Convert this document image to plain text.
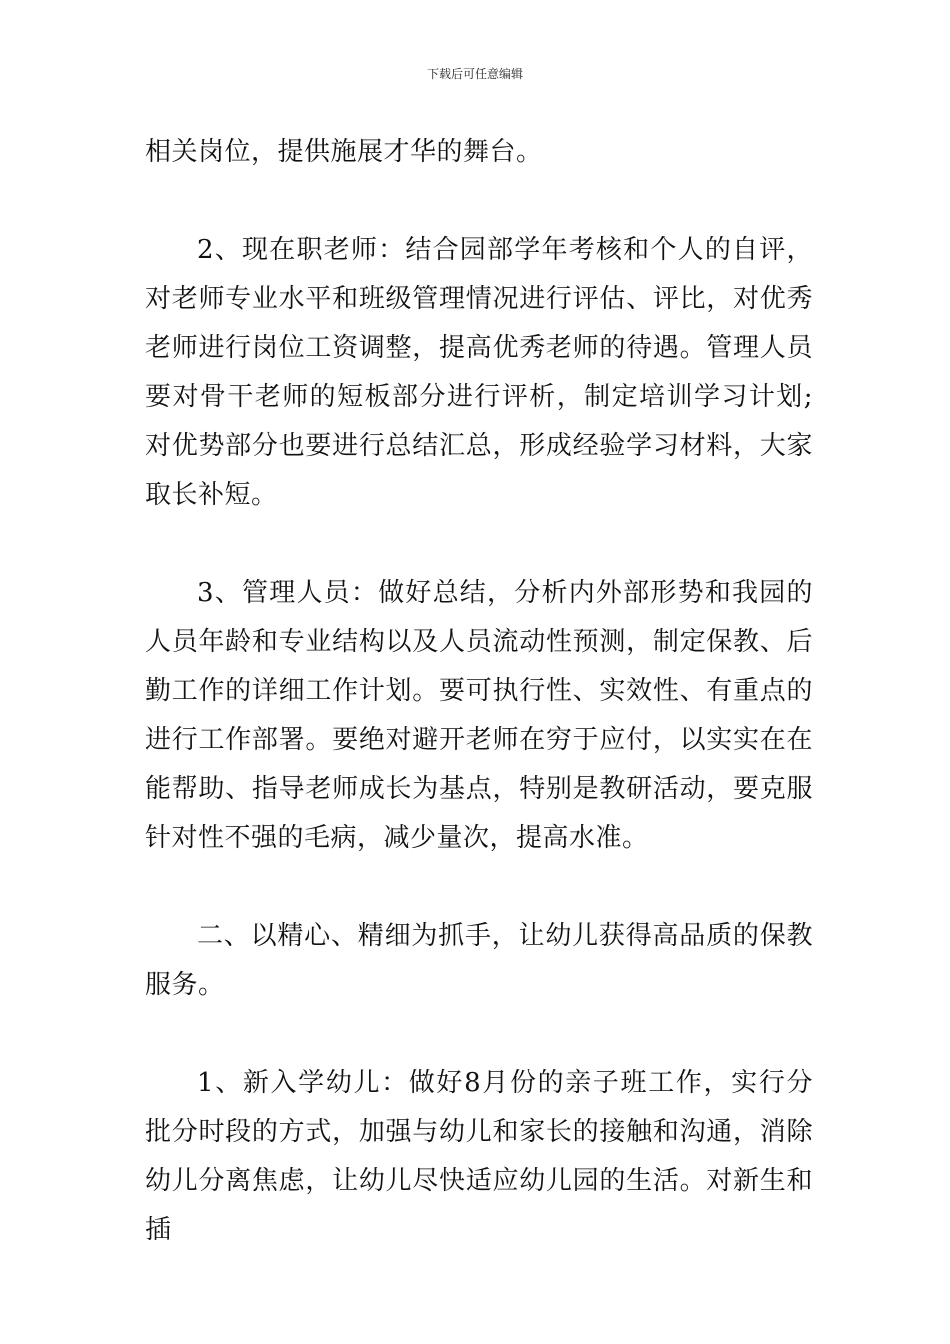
下载后可任意编辑

相关岗位，提供施展才华的舞台。

2、现在职老师：结合园部学年考核和个人的自评，对老师专业水平和班级管理情况进行评估、评比，对优秀老师进行岗位工资调整，提高优秀老师的待遇。管理人员要对骨干老师的短板部分进行评析，制定培训学习计划;对优势部分也要进行总结汇总，形成经验学习材料，大家取长补短。

3、管理人员：做好总结，分析内外部形势和我园的人员年龄和专业结构以及人员流动性预测，制定保教、后勤工作的详细工作计划。要可执行性、实效性、有重点的进行工作部署。要绝对避开老师在穷于应付，以实实在在能帮助、指导老师成长为基点，特别是教研活动，要克服针对性不强的毛病，减少量次，提高水准。

二、以精心、精细为抓手，让幼儿获得高品质的保教服务。

1、新入学幼儿：做好8月份的亲子班工作，实行分批分时段的方式，加强与幼儿和家长的接触和沟通，消除幼儿分离焦虑，让幼儿尽快适应幼儿园的生活。对新生和插
